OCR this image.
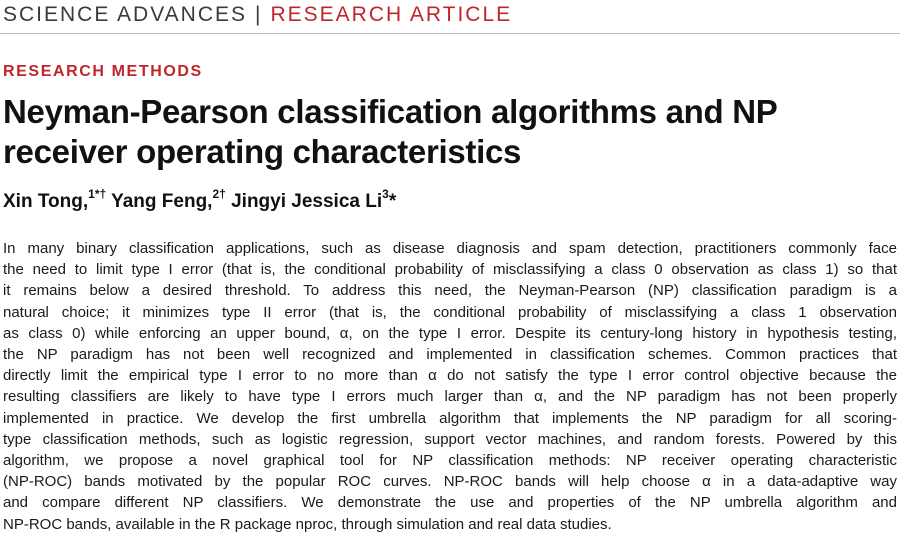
SCIENCE ADVANCES | RESEARCH ARTICLE
RESEARCH METHODS
Neyman-Pearson classification algorithms and NP
receiver operating characteristics
Xin Tong,$^{1*\dagger}$ Yang Feng,$^{2\dagger}$ Jingyi Jessica Li$^3$*
In many binary classification applications, such as disease diagnosis and spam detection, practitioners commonly face
the need to limit type I error (that is, the conditional probability of misclassifying a class 0 observation as class 1) so that
it remains below a desired threshold. To address this need, the Neyman-Pearson (NP) classification paradigm is a
natural choice; it minimizes type II error (that is, the conditional probability of misclassifying a class 1 observation
as class 0) while enforcing an upper bound, α, on the type I error. Despite its century-long history in hypothesis testing,
the NP paradigm has not been well recognized and implemented in classification schemes. Common practices that
directly limit the empirical type I error to no more than α do not satisfy the type I error control objective because the
resulting classifiers are likely to have type I errors much larger than α, and the NP paradigm has not been properly
implemented in practice. We develop the first umbrella algorithm that implements the NP paradigm for all scoring-
type classification methods, such as logistic regression, support vector machines, and random forests. Powered by this
algorithm, we propose a novel graphical tool for NP classification methods: NP receiver operating characteristic
(NP-ROC) bands motivated by the popular ROC curves. NP-ROC bands will help choose α in a data-adaptive way
and compare different NP classifiers. We demonstrate the use and properties of the NP umbrella algorithm and
NP-ROC bands, available in the R package nproc, through simulation and real data studies.
